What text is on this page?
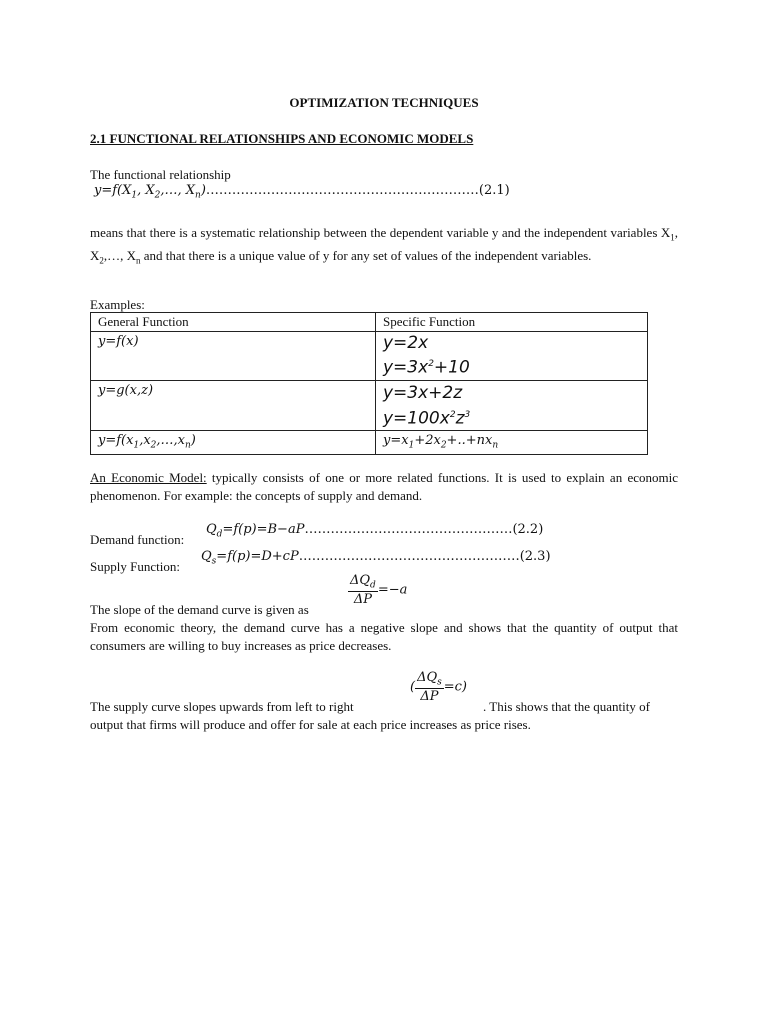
OPTIMIZATION TECHNIQUES
2.1 FUNCTIONAL RELATIONSHIPS AND ECONOMIC MODELS
The functional relationship
$y=f(X_1$, $X_2,\dots$, $X_n)\dots\dots\dots\dots\dots\dots\dots\dots\dots\dots\dots\dots\dots\dots\dots\dots\dots\dots\dots\dots\dots(2.1)$
means that there is a systematic relationship between the dependent variable y and the independent variables $X_1$, $X_2,\dots$, $X_n$ and that there is a unique value of y for any set of values of the independent variables.
Examples:
General Function	Specific Function
y=f(x)	y=2x
$y=3x^2+10$

y=g(x,z)	y=3x+2z
$y=100x^2z^3$

$y=f(x_1,x_2,\dots,x_n)$	$y=x_1+2x_2+..+nx_n$
An Economic Model: typically consists of one or more related functions. It is used to explain an economic phenomenon. For example: the concepts of supply and demand.
Demand function:
$Q_d=f(p)=B-aP\dots\dots\dots\dots\dots\dots\dots\dots\dots\dots\dots\dots\dots\dots\dots\dots(2.2)$
Supply Function:
$Q_s=f(p)=D+cP\dots\dots\dots\dots\dots\dots\dots\dots\dots\dots\dots\dots\dots\dots\dots\dots\dots(2.3)$
The slope of the demand curve is given as
$\frac{\Delta Q_d}{\Delta P} =-a$
From economic theory, the demand curve has a negative slope and shows that the quantity of output that consumers are willing to buy increases as price decreases.
The supply curve slopes upwards from left to right
( $\frac{\Delta Q_s}{\Delta P} =c$)
. This shows that the quantity of
output that firms will produce and offer for sale at each price increases as price rises.
